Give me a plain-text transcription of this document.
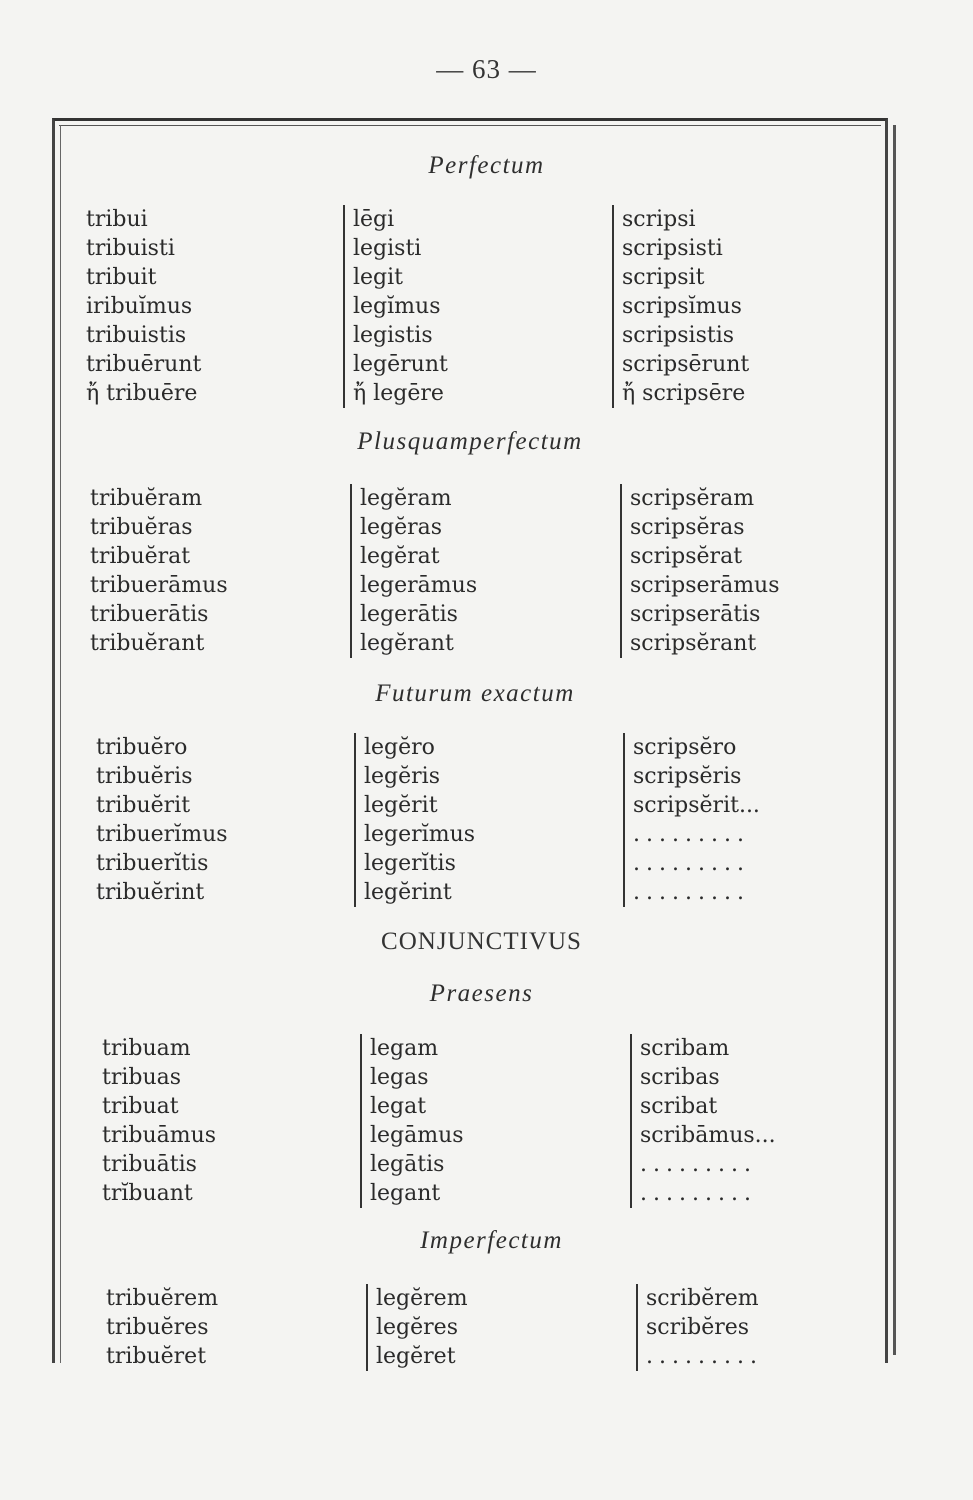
— 63 —
Perfectum
tribui
tribuisti
tribuit
iribuĭmus
tribuistis
tribuērunt
ἤ tribuēre
lēgi
legisti
legit
legĭmus
legistis
legērunt
ἤ legēre
scripsi
scripsisti
scripsit
scripsĭmus
scripsistis
scripsērunt
ἤ scripsēre
Plusquamperfectum
tribuĕram
tribuĕras
tribuĕrat
tribuerāmus
tribuerātis
tribuĕrant
legĕram
legĕras
legĕrat
legerāmus
legerātis
legĕrant
scripsĕram
scripsĕras
scripsĕrat
scripserāmus
scripserātis
scripsĕrant
Futurum exactum
tribuĕro
tribuĕris
tribuĕrit
tribuerĭmus
tribuerĭtis
tribuĕrint
legĕro
legĕris
legĕrit
legerĭmus
legerĭtis
legĕrint
scripsĕro
scripsĕris
scripsĕrit...
.........
.........
.........
CONJUNCTIVUS
Praesens
tribuam
tribuas
tribuat
tribuāmus
tribuātis
trĭbuant
legam
legas
legat
legāmus
legātis
legant
scribam
scribas
scribat
scribāmus...
.........
.........
Imperfectum
tribuĕrem
tribuĕres
tribuĕret
legĕrem
legĕres
legĕret
scribĕrem
scribĕres
.........
